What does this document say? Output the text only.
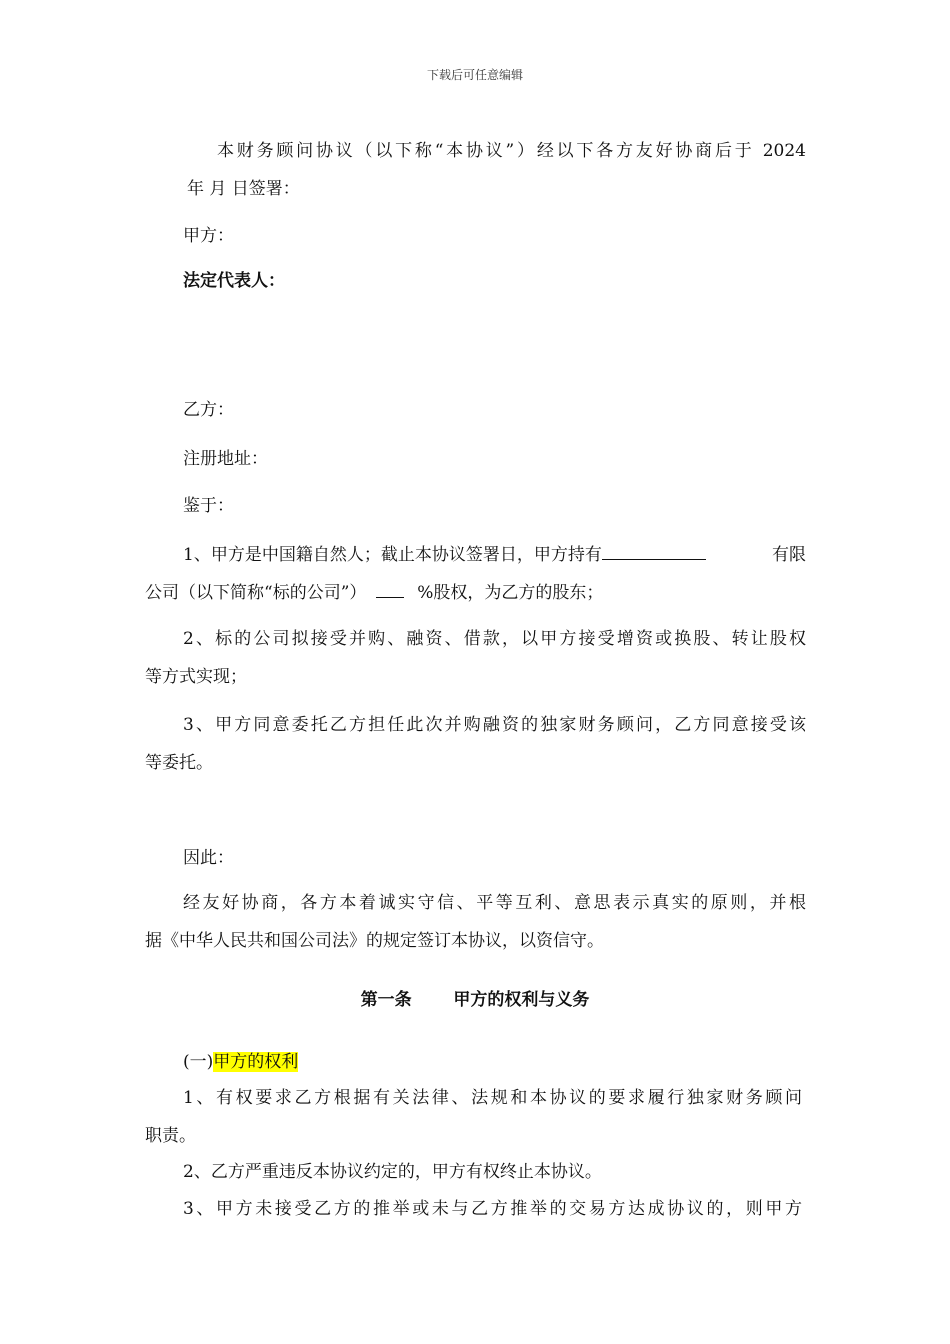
下载后可任意编辑
本财务顾问协议（以下称“本协议”）经以下各方友好协商后于 2024
年 月 日签署：
甲方：
法定代表人：
乙方：
注册地址：
鉴于：
1、甲方是中国籍自然人；截止本协议签署日，甲方持有	有限
公司（以下简称“标的公司”）	%股权，为乙方的股东；
2、标的公司拟接受并购、融资、借款，以甲方接受增资或换股、转让股权
等方式实现；
3、甲方同意委托乙方担任此次并购融资的独家财务顾问，乙方同意接受该
等委托。
因此：
经友好协商，各方本着诚实守信、平等互利、意思表示真实的原则，并根
据《中华人民共和国公司法》的规定签订本协议，以资信守。
第一条 甲方的权利与义务
(一)甲方的权利
1、有权要求乙方根据有关法律、法规和本协议的要求履行独家财务顾问
职责。
2、乙方严重违反本协议约定的，甲方有权终止本协议。
3、甲方未接受乙方的推举或未与乙方推举的交易方达成协议的，则甲方
